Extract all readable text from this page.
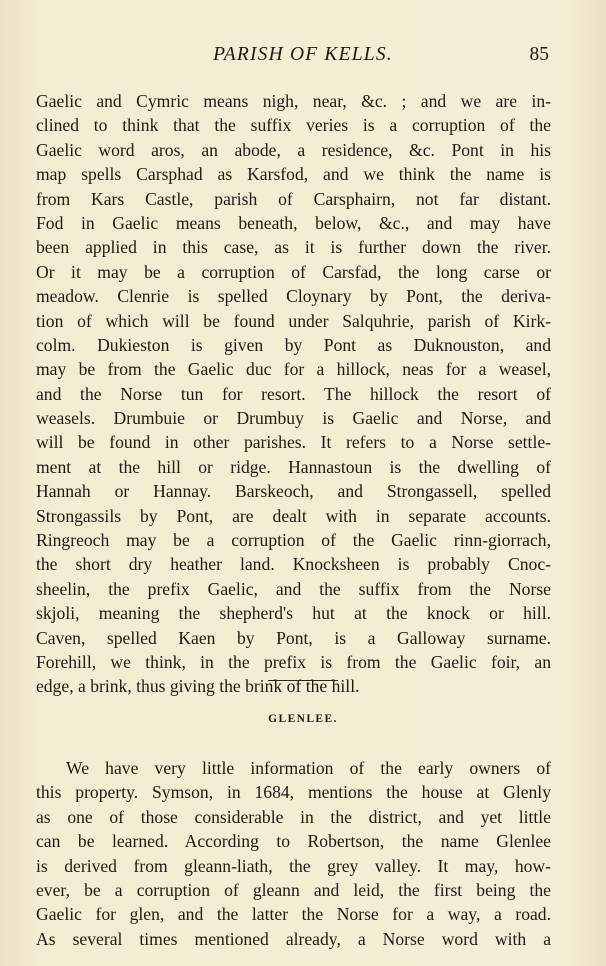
PARISH OF KELLS.	85
Gaelic and Cymric means nigh, near, &c. ; and we are in-
clined to think that the suffix veries is a corruption of the
Gaelic word aros, an abode, a residence, &c. Pont in his
map spells Carsphad as Karsfod, and we think the name is
from Kars Castle, parish of Carsphairn, not far distant.
Fod in Gaelic means beneath, below, &c., and may have
been applied in this case, as it is further down the river.
Or it may be a corruption of Carsfad, the long carse or
meadow. Clenrie is spelled Cloynary by Pont, the deriva-
tion of which will be found under Salquhrie, parish of Kirk-
colm. Dukieston is given by Pont as Duknouston, and
may be from the Gaelic duc for a hillock, neas for a weasel,
and the Norse tun for resort. The hillock the resort of
weasels. Drumbuie or Drumbuy is Gaelic and Norse, and
will be found in other parishes. It refers to a Norse settle-
ment at the hill or ridge. Hannastoun is the dwelling of
Hannah or Hannay. Barskeoch, and Strongassell, spelled
Strongassils by Pont, are dealt with in separate accounts.
Ringreoch may be a corruption of the Gaelic rinn-giorrach,
the short dry heather land. Knocksheen is probably Cnoc-
sheelin, the prefix Gaelic, and the suffix from the Norse
skjoli, meaning the shepherd's hut at the knock or hill.
Caven, spelled Kaen by Pont, is a Galloway surname.
Forehill, we think, in the prefix is from the Gaelic foir, an
edge, a brink, thus giving the brink of the hill.
GLENLEE.
We have very little information of the early owners of
this property. Symson, in 1684, mentions the house at Glenly
as one of those considerable in the district, and yet little
can be learned. According to Robertson, the name Glenlee
is derived from gleann-liath, the grey valley. It may, how-
ever, be a corruption of gleann and leid, the first being the
Gaelic for glen, and the latter the Norse for a way, a road.
As several times mentioned already, a Norse word with a
